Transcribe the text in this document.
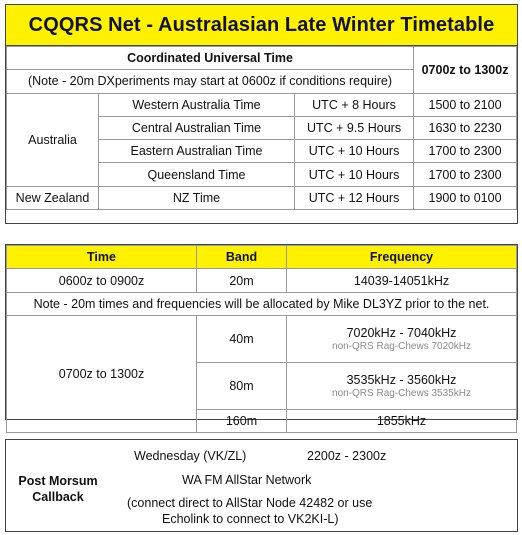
CQQRS Net - Australasian Late Winter Timetable
Coordinated Universal Time			0700z to 1300z
(Note - 20m DXperiments may start at 0600z if conditions require)			
Australia	Western Australia Time	UTC + 8 Hours	1500 to 2100
	Central Australian Time	UTC + 9.5 Hours	1630 to 2230
	Eastern Australian Time	UTC + 10 Hours	1700 to 2300
	Queensland Time	UTC + 10 Hours	1700 to 2300
New Zealand	NZ Time	UTC + 12 Hours	1900 to 0100
Time	Band	Frequency
0600z to 0900z	20m	14039-14051kHz
Note - 20m times and frequencies will be allocated by Mike DL3YZ prior to the net.		
0700z to 1300z	40m	7020kHz - 7040kHz
non-QRS Rag-Chews 7020kHz

	80m	3535kHz - 3560kHz
non-QRS Rag-Chews 3535kHz

	160m	1855kHz
Post Morsum
Callback
Wednesday (VK/ZL)	2200z - 2300z
WA FM AllStar Network
(connect direct to AllStar Node 42482 or use
Echolink to connect to VK2KI-L)
